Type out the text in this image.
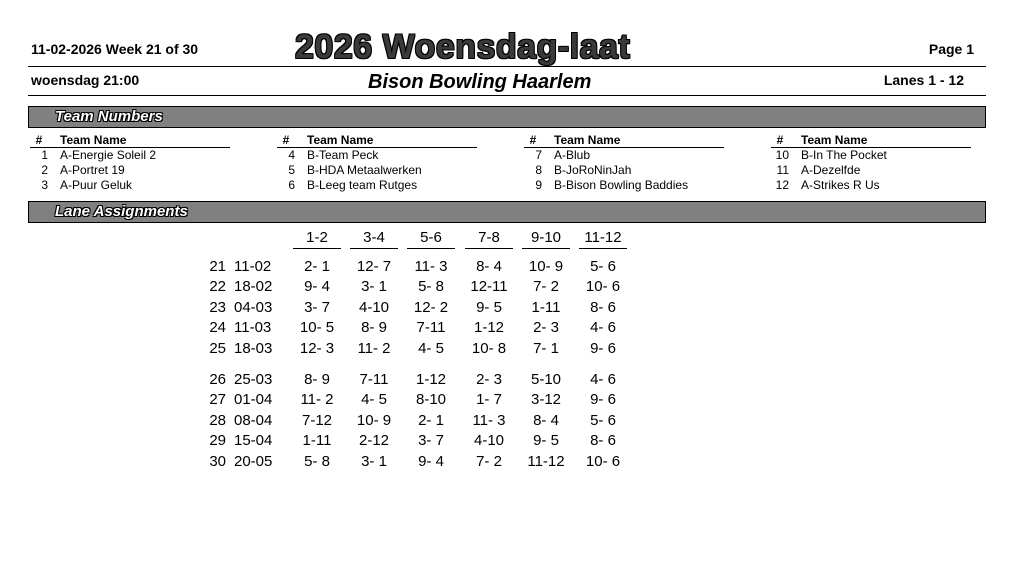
11-02-2026 Week 21 of 30	2026 Woensdag-laat	Page 1
woensdag 21:00	Bison Bowling Haarlem	Lanes 1 - 12
Team Numbers
#	Team Name
1 A-Energie Soleil 2
2 A-Portret 19
3 A-Puur Geluk
#	Team Name
4 B-Team Peck
5 B-HDA Metaalwerken
6 B-Leeg team Rutges
#	Team Name
7 A-Blub
8 B-JoRoNinJah
9 B-Bison Bowling Baddies
#	Team Name
10 B-In The Pocket
11 A-Dezelfde
12 A-Strikes R Us
Lane Assignments
1-2	3-4	5-6	7-8	9-10	11-12
21 11-02	2- 1	12- 7	11- 3	8- 4	10- 9	5- 6
22 18-02	9- 4	3- 1	5- 8	12-11	7- 2	10- 6
23 04-03	3- 7	4-10	12- 2	9- 5	1-11	8- 6
24 11-03	10- 5	8- 9	7-11	1-12	2- 3	4- 6
25 18-03	12- 3	11- 2	4- 5	10- 8	7- 1	9- 6
26 25-03	8- 9	7-11	1-12	2- 3	5-10	4- 6
27 01-04	11- 2	4- 5	8-10	1- 7	3-12	9- 6
28 08-04	7-12	10- 9	2- 1	11- 3	8- 4	5- 6
29 15-04	1-11	2-12	3- 7	4-10	9- 5	8- 6
30 20-05	5- 8	3- 1	9- 4	7- 2	11-12	10- 6
